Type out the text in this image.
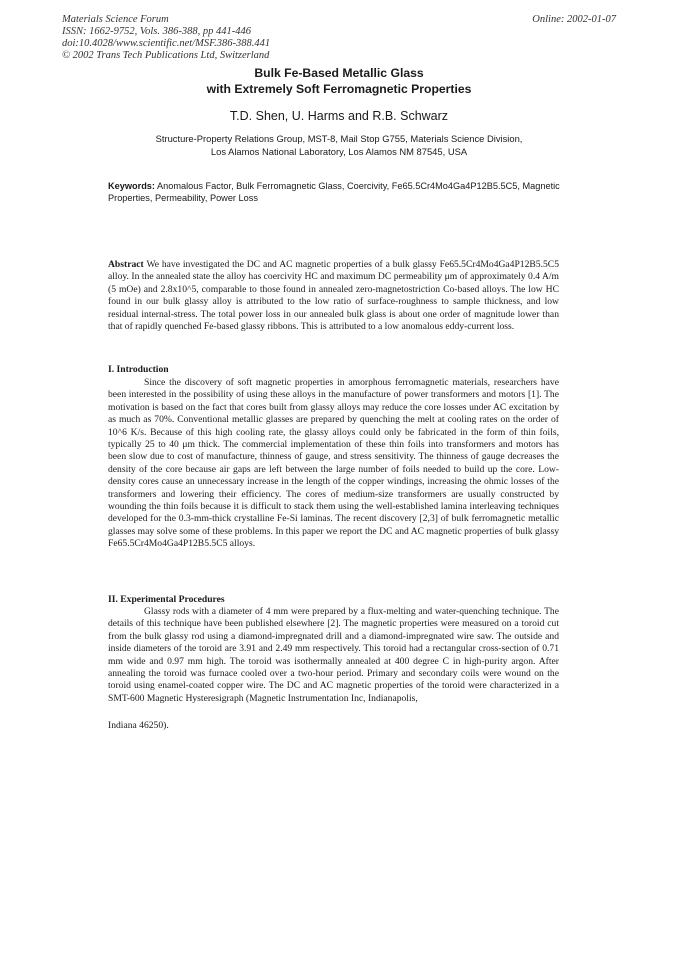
Materials Science Forum
ISSN: 1662-9752, Vols. 386-388, pp 441-446
doi:10.4028/www.scientific.net/MSF.386-388.441
© 2002 Trans Tech Publications Ltd, Switzerland
Online: 2002-01-07
Bulk Fe-Based Metallic Glass
with Extremely Soft Ferromagnetic Properties
T.D. Shen, U. Harms and R.B. Schwarz
Structure-Property Relations Group, MST-8, Mail Stop G755, Materials Science Division,
Los Alamos National Laboratory, Los Alamos NM 87545, USA
Keywords: Anomalous Factor, Bulk Ferromagnetic Glass, Coercivity, Fe65.5Cr4Mo4Ga4P12B5.5C5, Magnetic Properties, Permeability, Power Loss
Abstract We have investigated the DC and AC magnetic properties of a bulk glassy Fe65.5Cr4Mo4Ga4P12B5.5C5 alloy. In the annealed state the alloy has coercivity HC and maximum DC permeability μm of approximately 0.4 A/m (5 mOe) and 2.8x10^5, comparable to those found in annealed zero-magnetostriction Co-based alloys. The low HC found in our bulk glassy alloy is attributed to the low ratio of surface-roughness to sample thickness, and low residual internal-stress. The total power loss in our annealed bulk glass is about one order of magnitude lower than that of rapidly quenched Fe-based glassy ribbons. This is attributed to a low anomalous eddy-current loss.
I. Introduction
Since the discovery of soft magnetic properties in amorphous ferromagnetic materials, researchers have been interested in the possibility of using these alloys in the manufacture of power transformers and motors [1]. The motivation is based on the fact that cores built from glassy alloys may reduce the core losses under AC excitation by as much as 70%. Conventional metallic glasses are prepared by quenching the melt at cooling rates on the order of 10^6 K/s. Because of this high cooling rate, the glassy alloys could only be fabricated in the form of thin foils, typically 25 to 40 μm thick. The commercial implementation of these thin foils into transformers and motors has been slow due to cost of manufacture, thinness of gauge, and stress sensitivity. The thinness of gauge decreases the density of the core because air gaps are left between the large number of foils needed to build up the core. Low-density cores cause an unnecessary increase in the length of the copper windings, increasing the ohmic losses of the transformers and lowering their efficiency. The cores of medium-size transformers are usually constructed by wounding the thin foils because it is difficult to stack them using the well-established lamina interleaving techniques developed for the 0.3-mm-thick crystalline Fe-Si laminas. The recent discovery [2,3] of bulk ferromagnetic metallic glasses may solve some of these problems. In this paper we report the DC and AC magnetic properties of bulk glassy Fe65.5Cr4Mo4Ga4P12B5.5C5 alloys.
II. Experimental Procedures
Glassy rods with a diameter of 4 mm were prepared by a flux-melting and water-quenching technique. The details of this technique have been published elsewhere [2]. The magnetic properties were measured on a toroid cut from the bulk glassy rod using a diamond-impregnated drill and a diamond-impregnated wire saw. The outside and inside diameters of the toroid are 3.91 and 2.49 mm respectively. This toroid had a rectangular cross-section of 0.71 mm wide and 0.97 mm high. The toroid was isothermally annealed at 400 degree C in high-purity argon. After annealing the toroid was furnace cooled over a two-hour period. Primary and secondary coils were wound on the toroid using enamel-coated copper wire. The DC and AC magnetic properties of the toroid were characterized in a SMT-600 Magnetic Hysteresigraph (Magnetic Instrumentation Inc, Indianapolis,
Indiana 46250).
